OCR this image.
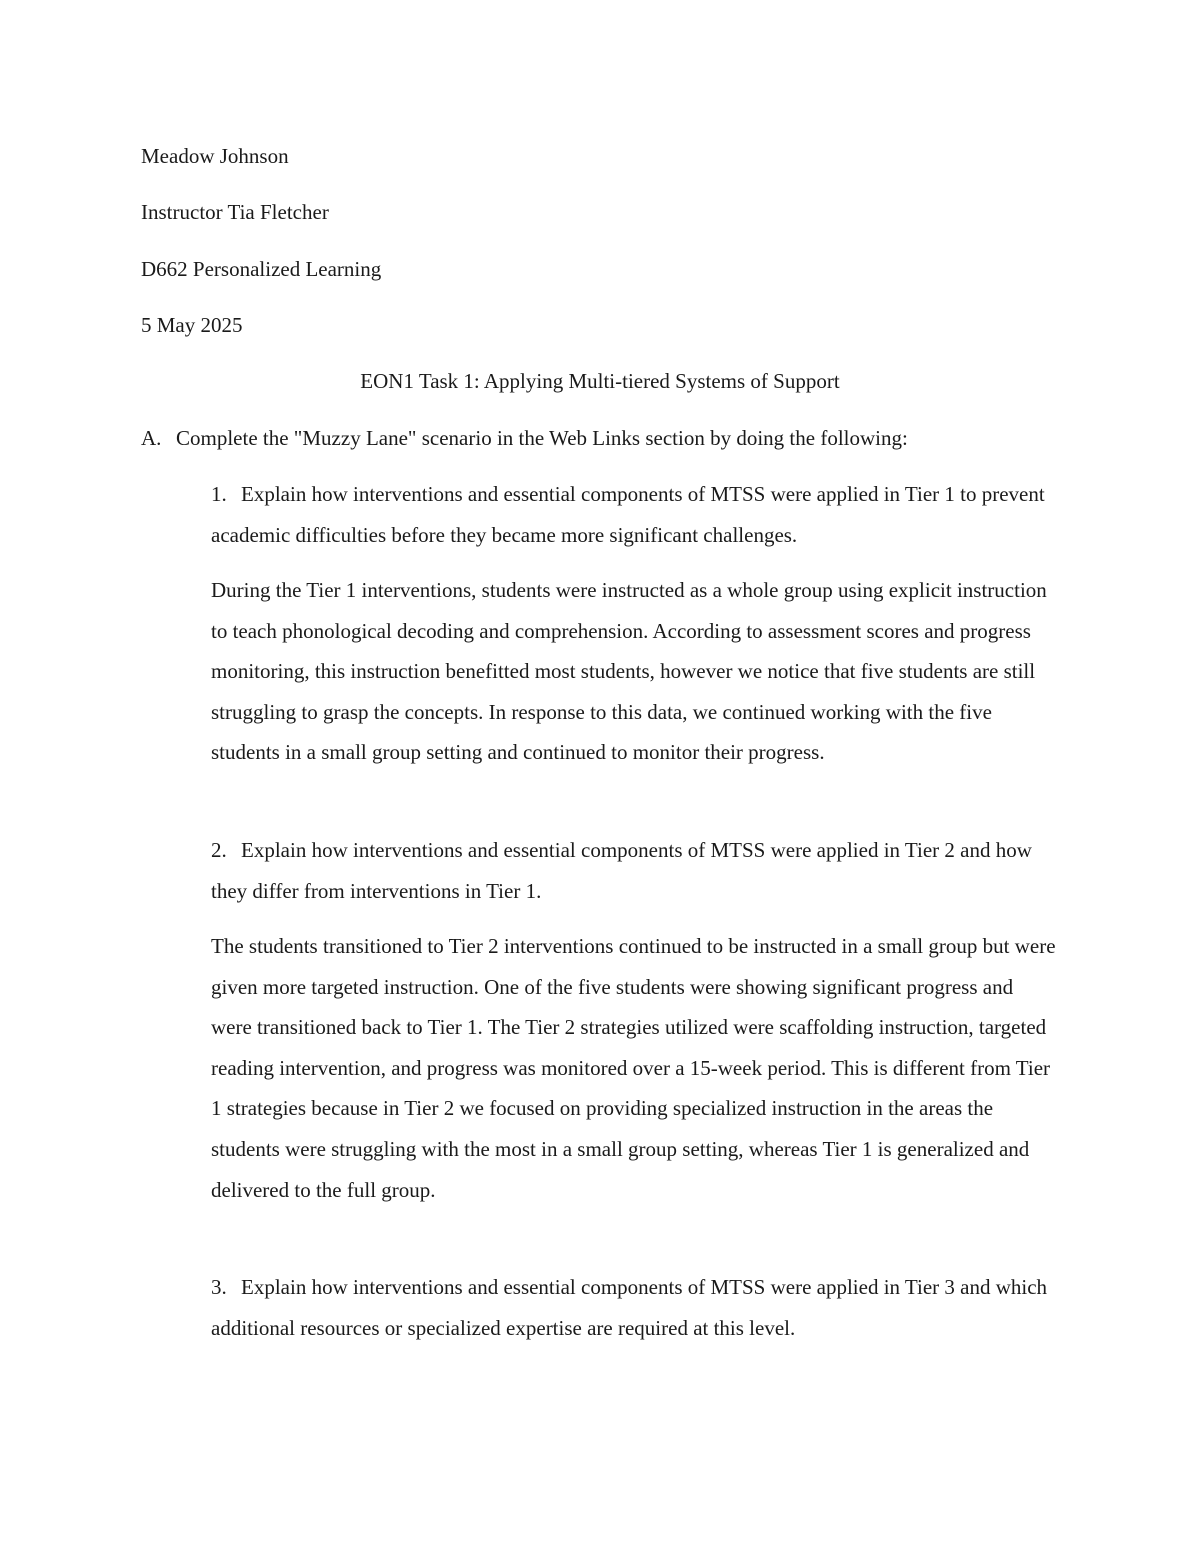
Meadow Johnson
Instructor Tia Fletcher
D662 Personalized Learning
5 May 2025
EON1 Task 1: Applying Multi-tiered Systems of Support
A. Complete the "Muzzy Lane" scenario in the Web Links section by doing the following:

1. Explain how interventions and essential components of MTSS were applied in Tier 1 to prevent academic difficulties before they became more significant challenges.

During the Tier 1 interventions, students were instructed as a whole group using explicit instruction to teach phonological decoding and comprehension. According to assessment scores and progress monitoring, this instruction benefitted most students, however we notice that five students are still struggling to grasp the concepts. In response to this data, we continued working with the five students in a small group setting and continued to monitor their progress.

2. Explain how interventions and essential components of MTSS were applied in Tier 2 and how they differ from interventions in Tier 1.

The students transitioned to Tier 2 interventions continued to be instructed in a small group but were given more targeted instruction. One of the five students were showing significant progress and were transitioned back to Tier 1. The Tier 2 strategies utilized were scaffolding instruction, targeted reading intervention, and progress was monitored over a 15-week period. This is different from Tier 1 strategies because in Tier 2 we focused on providing specialized instruction in the areas the students were struggling with the most in a small group setting, whereas Tier 1 is generalized and delivered to the full group.

3. Explain how interventions and essential components of MTSS were applied in Tier 3 and which additional resources or specialized expertise are required at this level.
